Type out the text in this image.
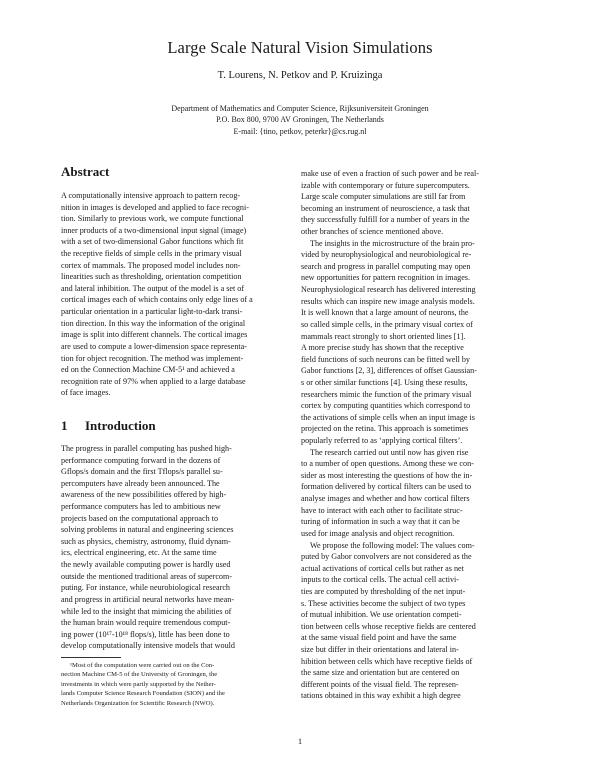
Large Scale Natural Vision Simulations
T. Lourens, N. Petkov and P. Kruizinga
Department of Mathematics and Computer Science, Rijksuniversiteit Groningen
P.O. Box 800, 9700 AV Groningen, The Netherlands
E-mail: {tino, petkov, peterkr}@cs.rug.nl
Abstract
A computationally intensive approach to pattern recog-
nition in images is developed and applied to face recogni-
tion. Similarly to previous work, we compute functional
inner products of a two-dimensional input signal (image)
with a set of two-dimensional Gabor functions which fit
the receptive fields of simple cells in the primary visual
cortex of mammals. The proposed model includes non-
linearities such as thresholding, orientation competition
and lateral inhibition. The output of the model is a set of
cortical images each of which contains only edge lines of a
particular orientation in a particular light-to-dark transi-
tion direction. In this way the information of the original
image is split into different channels. The cortical images
are used to compute a lower-dimension space representa-
tion for object recognition. The method was implement-
ed on the Connection Machine CM-5¹ and achieved a
recognition rate of 97% when applied to a large database
of face images.
1 Introduction
The progress in parallel computing has pushed high-
performance computing forward in the dozens of
Gflops/s domain and the first Tflops/s parallel su-
percomputers have already been announced. The
awareness of the new possibilities offered by high-
performance computers has led to ambitious new
projects based on the computational approach to
solving problems in natural and engineering sciences
such as physics, chemistry, astronomy, fluid dynam-
ics, electrical engineering, etc. At the same time
the newly available computing power is hardly used
outside the mentioned traditional areas of supercom-
puting. For instance, while neurobiological research
and progress in artificial neural networks have mean-
while led to the insight that mimicing the abilities of
the human brain would require tremendous comput-
ing power (10¹⁷-10¹⁸ flops/s), little has been done to
develop computationally intensive models that would
¹Most of the computation were carried out on the Con-
nection Machine CM-5 of the University of Groningen, the
investments in which were partly supported by the Nether-
lands Computer Science Research Foundation (SION) and the
Netherlands Organization for Scientific Research (NWO).
make use of even a fraction of such power and be real-
izable with contemporary or future supercomputers.
Large scale computer simulations are still far from
becoming an instrument of neuroscience, a task that
they successfully fulfill for a number of years in the
other branches of science mentioned above.
The insights in the microstructure of the brain pro-
vided by neurophysiological and neurobiological re-
search and progress in parallel computing may open
new opportunities for pattern recognition in images.
Neurophysiological research has delivered interesting
results which can inspire new image analysis models.
It is well known that a large amount of neurons, the
so called simple cells, in the primary visual cortex of
mammals react strongly to short oriented lines [1].
A more precise study has shown that the receptive
field functions of such neurons can be fitted well by
Gabor functions [2, 3], differences of offset Gaussian-
s or other similar functions [4]. Using these results,
researchers mimic the function of the primary visual
cortex by computing quantities which correspond to
the activations of simple cells when an input image is
projected on the retina. This approach is sometimes
popularly referred to as ‘applying cortical filters’.
The research carried out until now has given rise
to a number of open questions. Among these we con-
sider as most interesting the questions of how the in-
formation delivered by cortical filters can be used to
analyse images and whether and how cortical filters
have to interact with each other to facilitate struc-
turing of information in such a way that it can be
used for image analysis and object recognition.
We propose the following model: The values com-
puted by Gabor convolvers are not considered as the
actual activations of cortical cells but rather as net
inputs to the cortical cells. The actual cell activi-
ties are computed by thresholding of the net input-
s. These activities become the subject of two types
of mutual inhibition. We use orientation competi-
tion between cells whose receptive fields are centered
at the same visual field point and have the same
size but differ in their orientations and lateral in-
hibition between cells which have receptive fields of
the same size and orientation but are centered on
different points of the visual field. The represen-
tations obtained in this way exhibit a high degree
1
